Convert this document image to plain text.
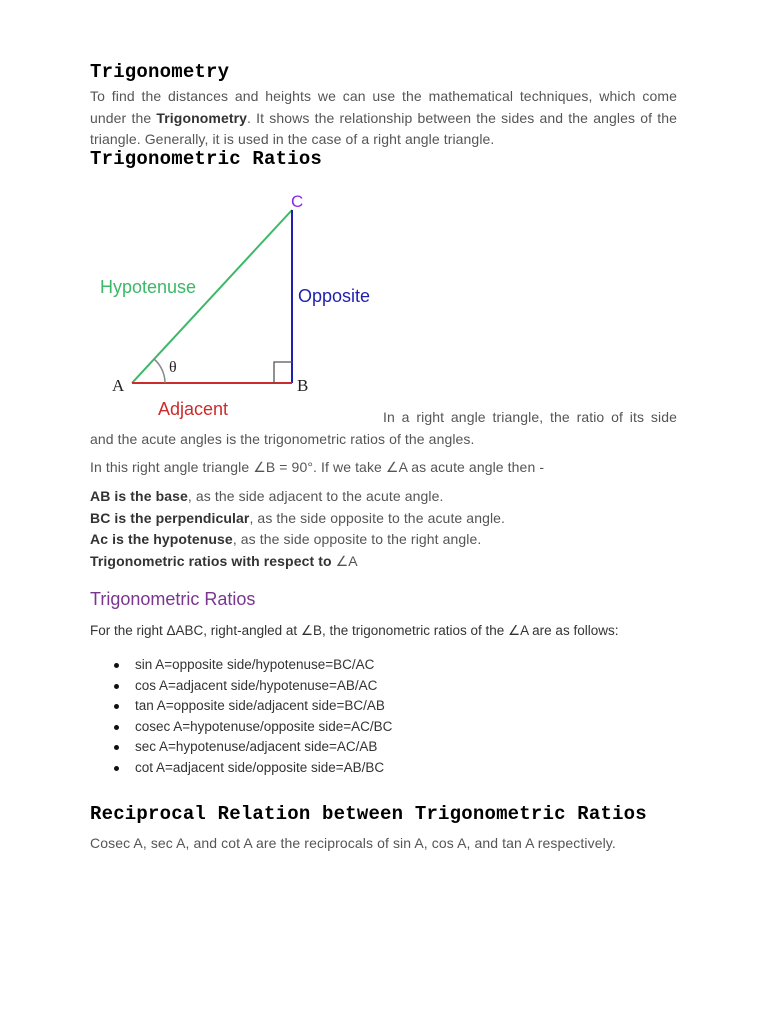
Trigonometry

To find the distances and heights we can use the mathematical techniques, which come under the Trigonometry. It shows the relationship between the sides and the angles of the triangle. Generally, it is used in the case of a right angle triangle.

Trigonometric Ratios

In a right angle triangle, the ratio of its side and the acute angles is the trigonometric ratios of the angles.

In this right angle triangle ∠B = 90°. If we take ∠A as acute angle then -

AB is the base, as the side adjacent to the acute angle.

BC is the perpendicular, as the side opposite to the acute angle.

Ac is the hypotenuse, as the side opposite to the right angle.

Trigonometric ratios with respect to ∠A

Trigonometric Ratios

For the right ΔABC, right-angled at ∠B, the trigonometric ratios of the ∠A are as follows:

sin A=opposite side/hypotenuse=BC/AC
cos A=adjacent side/hypotenuse=AB/AC
tan A=opposite side/adjacent side=BC/AB
cosec A=hypotenuse/opposite side=AC/BC
sec A=hypotenuse/adjacent side=AC/AB
cot A=adjacent side/opposite side=AB/BC
Reciprocal Relation between Trigonometric Ratios

Cosec A, sec A, and cot A are the reciprocals of sin A, cos A, and tan A respectively.

C
A	B
θ
Hypotenuse	Opposite
Adjacent
